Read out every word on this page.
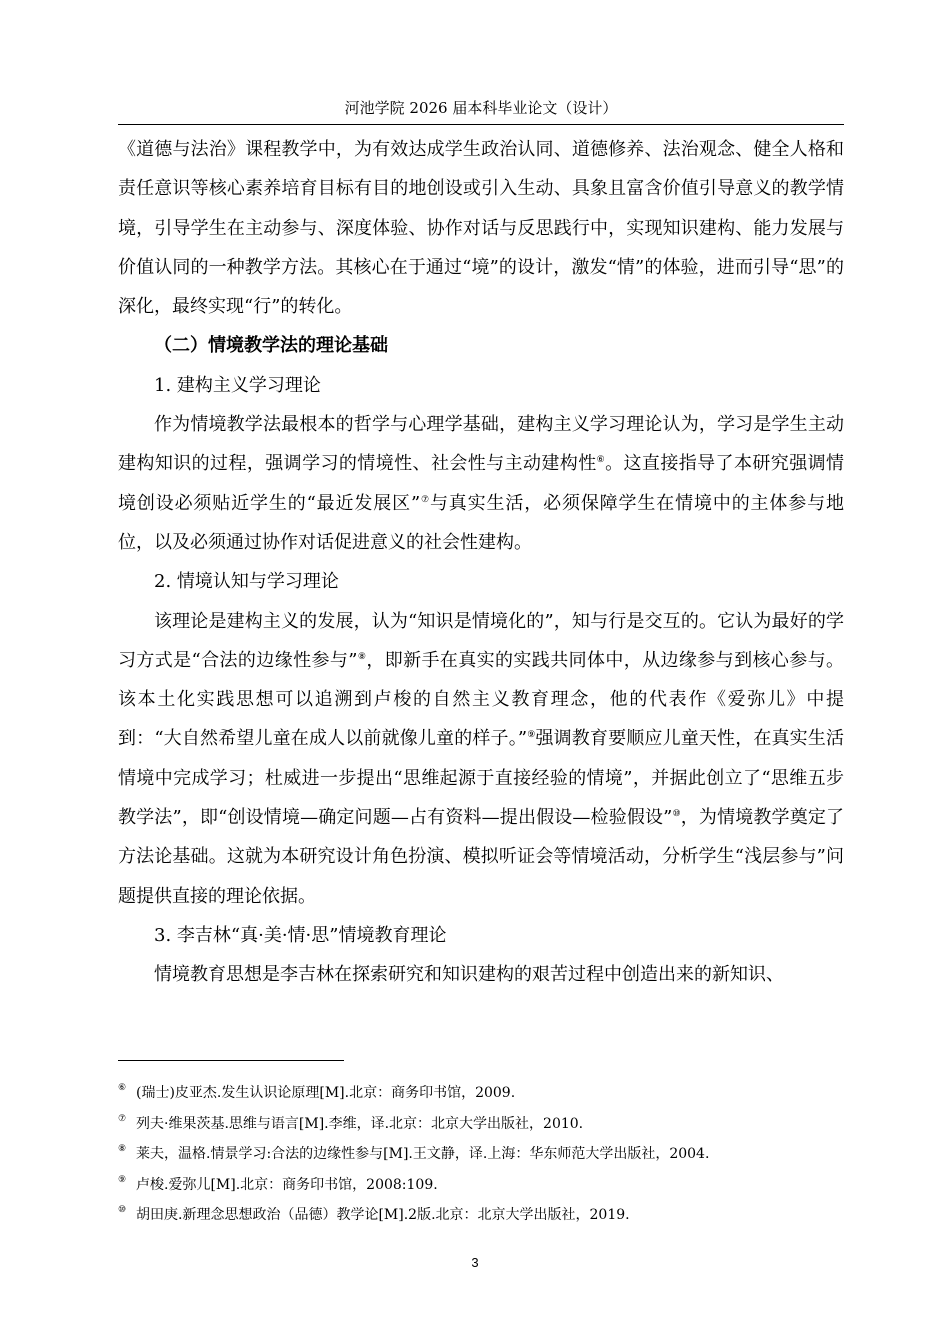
河池学院 2026 届本科毕业论文（设计）

《道德与法治》课程教学中，为有效达成学生政治认同、道德修养、法治观念、健全人格和责任意识等核心素养培育目标有目的地创设或引入生动、具象且富含价值引导意义的教学情境，引导学生在主动参与、深度体验、协作对话与反思践行中，实现知识建构、能力发展与价值认同的一种教学方法。其核心在于通过“境”的设计，激发“情”的体验，进而引导“思”的深化，最终实现“行”的转化。

（二）情境教学法的理论基础

1. 建构主义学习理论

作为情境教学法最根本的哲学与心理学基础，建构主义学习理论认为，学习是学生主动建构知识的过程，强调学习的情境性、社会性与主动建构性⑥。这直接指导了本研究强调情境创设必须贴近学生的“最近发展区”⑦与真实生活，必须保障学生在情境中的主体参与地位，以及必须通过协作对话促进意义的社会性建构。

2. 情境认知与学习理论

该理论是建构主义的发展，认为“知识是情境化的”，知与行是交互的。它认为最好的学习方式是“合法的边缘性参与”⑧，即新手在真实的实践共同体中，从边缘参与到核心参与。该本土化实践思想可以追溯到卢梭的自然主义教育理念，他的代表作《爱弥儿》中提到：“大自然希望儿童在成人以前就像儿童的样子。”⑨强调教育要顺应儿童天性，在真实生活情境中完成学习；杜威进一步提出“思维起源于直接经验的情境”，并据此创立了“思维五步教学法”，即“创设情境—确定问题—占有资料—提出假设—检验假设”⑩，为情境教学奠定了方法论基础。这就为本研究设计角色扮演、模拟听证会等情境活动，分析学生“浅层参与”问题提供直接的理论依据。

3. 李吉林“真·美·情·思”情境教育理论

情境教育思想是李吉林在探索研究和知识建构的艰苦过程中创造出来的新知识、

⑥ (瑞士)皮亚杰.发生认识论原理[M].北京：商务印书馆，2009.
⑦ 列夫·维果茨基.思维与语言[M].李维，译.北京：北京大学出版社，2010.
⑧ 莱夫，温格.情景学习:合法的边缘性参与[M].王文静，译.上海：华东师范大学出版社，2004.
⑨ 卢梭.爱弥儿[M].北京：商务印书馆，2008:109.
⑩ 胡田庚.新理念思想政治（品德）教学论[M].2版.北京：北京大学出版社，2019.
3
